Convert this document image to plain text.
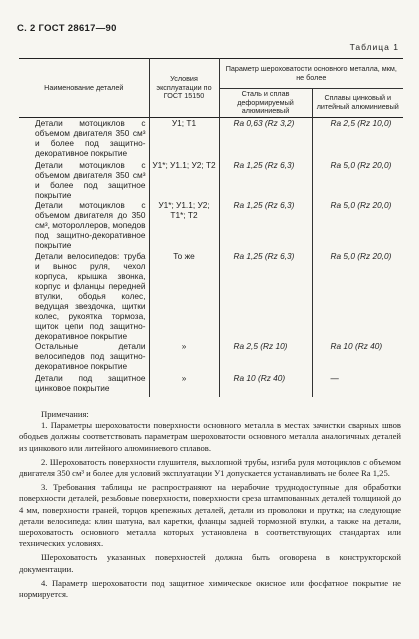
С. 2 ГОСТ 28617—90
Таблица 1
Наименование деталей	Условия эксплуатации по ГОСТ 15150	Параметр шероховатости основного металла, мкм, не более	
		Сталь и сплав деформируемый алюминиевый	Сплавы цинковый и литейный алюминиевый
Детали мотоциклов с объемом двигателя 350 см³ и более под защитно-декоративное покрытие	У1; Т1	Ra 0,63 (Rz 3,2)	Ra 2,5 (Rz 10,0)
Детали мотоциклов с объемом двигателя 350 см³ и более под защитное покрытие	У1*; У1.1; У2; Т2	Ra 1,25 (Rz 6,3)	Ra 5,0 (Rz 20,0)
Детали мотоциклов с объемом двигателя до 350 см³, мотороллеров, мопедов под защитно-декоративное покрытие	У1*; У1.1; У2; Т1*; Т2	Ra 1,25 (Rz 6,3)	Ra 5,0 (Rz 20,0)
Детали велосипедов: труба и вынос руля, чехол корпуса, крышка звонка, корпус и фланцы передней втулки, ободья колес, ведущая звездочка, щитки колес, рукоятка тормоза, щиток цепи под защитно-декоративное покрытие	То же	Ra 1,25 (Rz 6,3)	Ra 5,0 (Rz 20,0)
Остальные детали велосипедов под защитно-декоративное покрытие	»	Ra 2,5 (Rz 10)	Ra 10 (Rz 40)
Детали под защитное цинковое покрытие	»	Ra 10 (Rz 40)	—

Примечания:

1. Параметры шероховатости поверхности основного металла в местах зачистки сварных швов ободьев должны соответствовать параметрам шероховатости основного металла аналогичных деталей из цинкового или литейного алюминиевого сплавов.

2. Шероховатость поверхности глушителя, выхлопной трубы, изгиба руля мотоциклов с объемом двигателя 350 см³ и более для условий эксплуатации У1 допускается устанавливать не более Ra 1,25.

3. Требования таблицы не распространяют на нерабочие труднодоступные для обработки поверхности деталей, резьбовые поверхности, поверхности среза штампованных деталей толщиной до 4 мм, поверхности граней, торцов крепежных деталей, детали из проволоки и прутка; на следующие детали велосипеда: клин шатуна, вал каретки, фланцы задней тормозной втулки, а также на детали, шероховатость основного металла которых установлена в соответствующих стандартах или технических условиях.

Шероховатость указанных поверхностей должна быть оговорена в конструкторской документации.

4. Параметр шероховатости под защитное химическое окисное или фосфатное покрытие не нормируется.
